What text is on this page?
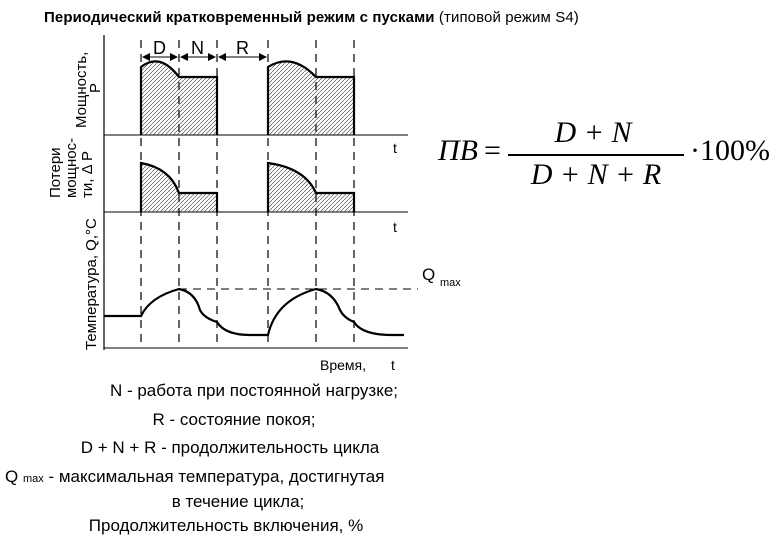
Периодический кратковременный режим с пусками (типовой режим S4)
D N R
t
t
Время, t
Q max
Мощность,
P
Потери мощнос- ти, Δ P
Температура, Q,°C
ПВ =
D + N
D + N + R
·100%
N - работа при постоянной нагрузке;
R - состояние покоя;
D + N + R - продолжительность цикла
Q max - максимальная температура, достигнутая
в течение цикла;
Продолжительность включения, %
